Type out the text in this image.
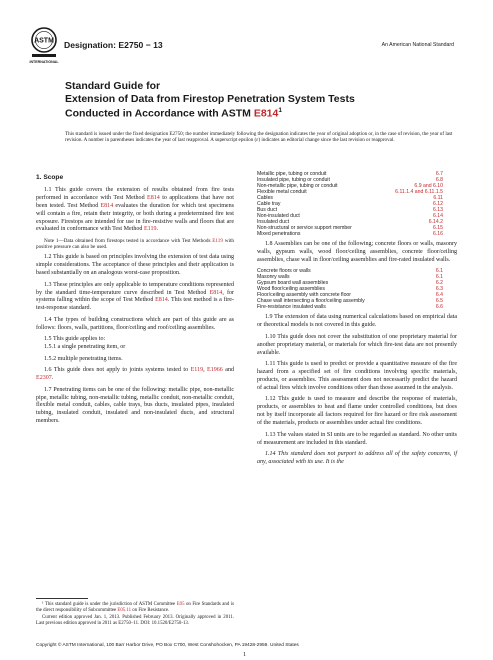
ASTM
INTERNATIONAL
Designation: E2750 − 13	An American National Standard
Standard Guide for
Extension of Data from Firestop Penetration System Tests
Conducted in Accordance with ASTM $E814^1$
This standard is issued under the fixed designation E2750; the number immediately following the designation indicates the year of original adoption or, in the case of revision, the year of last revision. A number in parentheses indicates the year of last reapproval. A superscript epsilon (ε) indicates an editorial change since the last revision or reapproval.
1. Scope

1.1 This guide covers the extension of results obtained from fire tests performed in accordance with Test Method E814 to applications that have not been tested. Test Method E814 evaluates the duration for which test specimens will contain a fire, retain their integrity, or both during a predetermined fire test exposure. Firestops are intended for use in fire-resistive walls and floors that are evaluated in conformance with Test Method E119.

Note 1—Data obtained from firestops tested in accordance with Test Methods E119 with positive pressure can also be used.

1.2 This guide is based on principles involving the extension of test data using simple considerations. The acceptance of these principles and their application is based substantially on an analogous worst-case proposition.

1.3 These principles are only applicable to temperature conditions represented by the standard time-temperature curve described in Test Method E814, for systems falling within the scope of Test Method E814. This test method is a fire-test-response standard.

1.4 The types of building constructions which are part of this guide are as follows: floors, walls, partitions, floor/ceiling and roof/ceiling assemblies.

1.5 This guide applies to:

1.5.1 a single penetrating item, or

1.5.2 multiple penetrating items.

1.6 This guide does not apply to joints systems tested to E119, E1966 and E2307.

1.7 Penetrating items can be one of the following: metallic pipe, non-metallic pipe, metallic tubing, non-metallic tubing, metallic conduit, non-metallic conduit, flexible metal conduit, cables, cable trays, bus ducts, insulated pipes, insulated tubing, insulated conduit, insulated and non-insulated ducts, and structural members.

Metallic pipe, tubing or conduit	6.7
Insulated pipe, tubing or conduit	6.8
Non-metallic pipe, tubing or conduit	6.9 and 6.10
Flexible metal conduit	6.11.1.4 and 6.11.1.5
Cables	6.11
Cable tray	6.12
Bus duct	6.13
Non-insulated duct	6.14
Insulated duct	6.14.2
Non-structural or service support member	6.15
Mixed penetrations	6.16

1.8 Assemblies can be one of the following; concrete floors or walls, masonry walls, gypsum walls, wood floor/ceiling assemblies, concrete floor/ceiling assemblies, chase wall in floor/ceiling assemblies and fire-rated insulated walls.

Concrete floors or walls	6.1
Masonry walls	6.1
Gypsum board wall assemblies	6.2
Wood floor/ceiling assemblies	6.3
Floor/ceiling assembly with concrete floor	6.4
Chase wall intersecting a floor/ceiling assembly	6.5
Fire-resistance insulated walls	6.6

1.9 The extension of data using numerical calculations based on empirical data or theoretical models is not covered in this guide.

1.10 This guide does not cover the substitution of one proprietary material for another proprietary material, or materials for which fire-test data are not presently available.

1.11 This guide is used to predict or provide a quantitative measure of the fire hazard from a specified set of fire conditions involving specific materials, products, or assemblies. This assessment does not necessarily predict the hazard of actual fires which involve conditions other than those assumed in the analysis.

1.12 This guide is used to measure and describe the response of materials, products, or assemblies to heat and flame under controlled conditions, but does not by itself incorporate all factors required for fire hazard or fire risk assessment of the materials, products or assemblies under actual fire conditions.

1.13 The values stated in SI units are to be regarded as standard. No other units of measurement are included in this standard.

1.14 This standard does not purport to address all of the safety concerns, if any, associated with its use. It is the

¹ This standard guide is under the jurisdiction of ASTM Committee E05 on Fire Standards and is the direct responsibility of Subcommittee E05.11 on Fire Resistance.

Current edition approved Jan. 1, 2013. Published February 2013. Originally approved in 2011. Last previous edition approved in 2011 as E2750–11. DOI: 10.1520/E2750-13.

Copyright © ASTM International, 100 Barr Harbor Drive, PO Box C700, West Conshohocken, PA 19428-2959. United States
1
